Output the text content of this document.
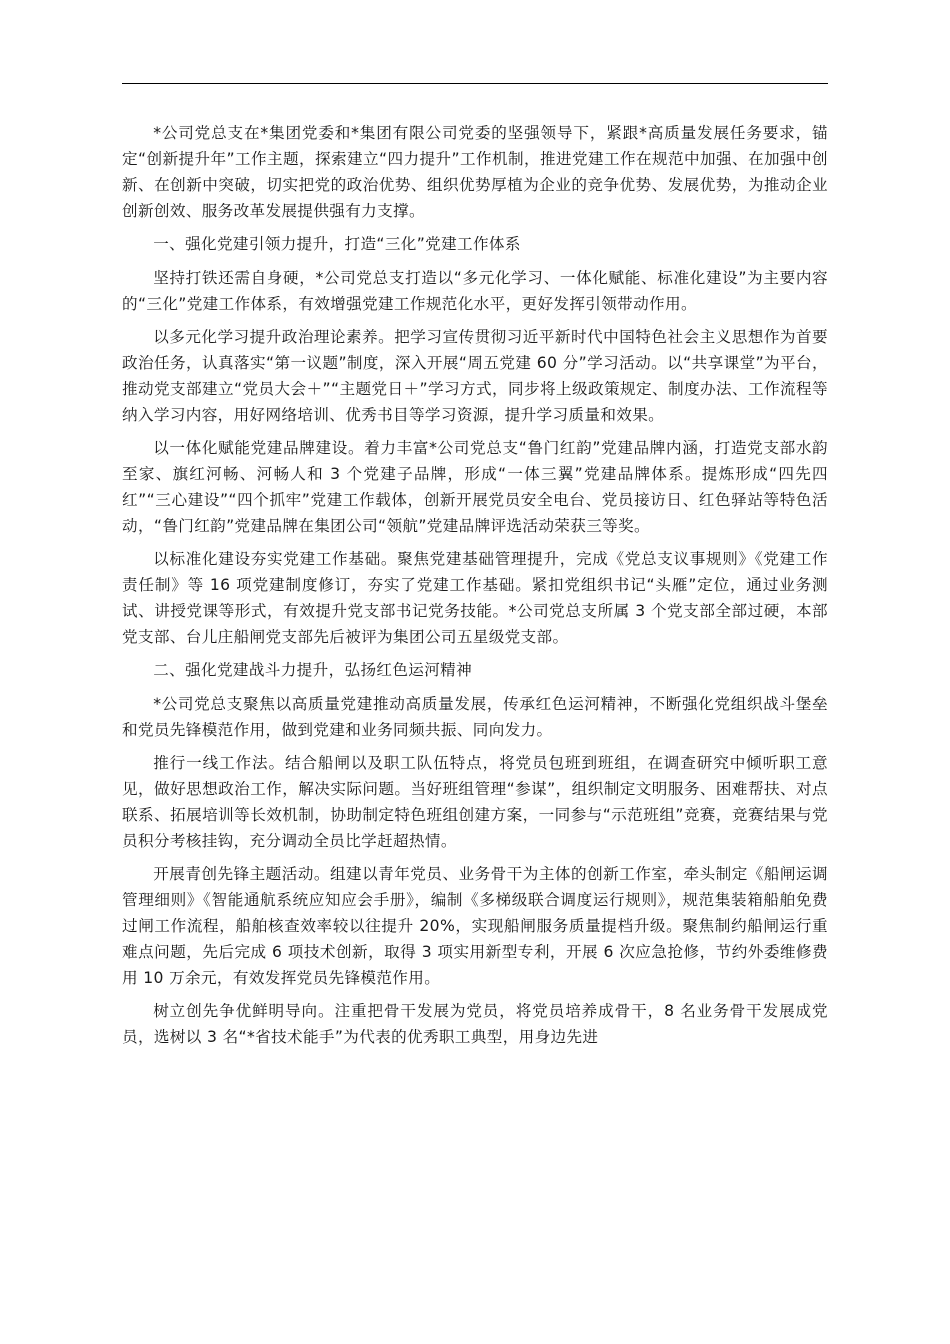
*公司党总支在*集团党委和*集团有限公司党委的坚强领导下，紧跟*高质量发展任务要求，锚定“创新提升年”工作主题，探索建立“四力提升”工作机制，推进党建工作在规范中加强、在加强中创新、在创新中突破，切实把党的政治优势、组织优势厚植为企业的竞争优势、发展优势，为推动企业创新创效、服务改革发展提供强有力支撑。

一、强化党建引领力提升，打造“三化”党建工作体系

坚持打铁还需自身硬，*公司党总支打造以“多元化学习、一体化赋能、标准化建设”为主要内容的“三化”党建工作体系，有效增强党建工作规范化水平，更好发挥引领带动作用。

以多元化学习提升政治理论素养。把学习宣传贯彻习近平新时代中国特色社会主义思想作为首要政治任务，认真落实“第一议题”制度，深入开展“周五党建 60 分”学习活动。以“共享课堂”为平台，推动党支部建立“党员大会＋”“主题党日＋”学习方式，同步将上级政策规定、制度办法、工作流程等纳入学习内容，用好网络培训、优秀书目等学习资源，提升学习质量和效果。

以一体化赋能党建品牌建设。着力丰富*公司党总支“鲁门红韵”党建品牌内涵，打造党支部水韵至家、旗红河畅、河畅人和 3 个党建子品牌，形成“一体三翼”党建品牌体系。提炼形成“四先四红”“三心建设”“四个抓牢”党建工作载体，创新开展党员安全电台、党员接访日、红色驿站等特色活动，“鲁门红韵”党建品牌在集团公司“领航”党建品牌评选活动荣获三等奖。

以标准化建设夯实党建工作基础。聚焦党建基础管理提升，完成《党总支议事规则》《党建工作责任制》等 16 项党建制度修订，夯实了党建工作基础。紧扣党组织书记“头雁”定位，通过业务测试、讲授党课等形式，有效提升党支部书记党务技能。*公司党总支所属 3 个党支部全部过硬，本部党支部、台儿庄船闸党支部先后被评为集团公司五星级党支部。

二、强化党建战斗力提升，弘扬红色运河精神

*公司党总支聚焦以高质量党建推动高质量发展，传承红色运河精神，不断强化党组织战斗堡垒和党员先锋模范作用，做到党建和业务同频共振、同向发力。

推行一线工作法。结合船闸以及职工队伍特点，将党员包班到班组，在调查研究中倾听职工意见，做好思想政治工作，解决实际问题。当好班组管理“参谋”，组织制定文明服务、困难帮扶、对点联系、拓展培训等长效机制，协助制定特色班组创建方案，一同参与“示范班组”竞赛，竞赛结果与党员积分考核挂钩，充分调动全员比学赶超热情。

开展青创先锋主题活动。组建以青年党员、业务骨干为主体的创新工作室，牵头制定《船闸运调管理细则》《智能通航系统应知应会手册》，编制《多梯级联合调度运行规则》，规范集装箱船舶免费过闸工作流程，船舶核查效率较以往提升 20%，实现船闸服务质量提档升级。聚焦制约船闸运行重难点问题，先后完成 6 项技术创新，取得 3 项实用新型专利，开展 6 次应急抢修，节约外委维修费用 10 万余元，有效发挥党员先锋模范作用。

树立创先争优鲜明导向。注重把骨干发展为党员，将党员培养成骨干，8 名业务骨干发展成党员，选树以 3 名“*省技术能手”为代表的优秀职工典型，用身边先进
